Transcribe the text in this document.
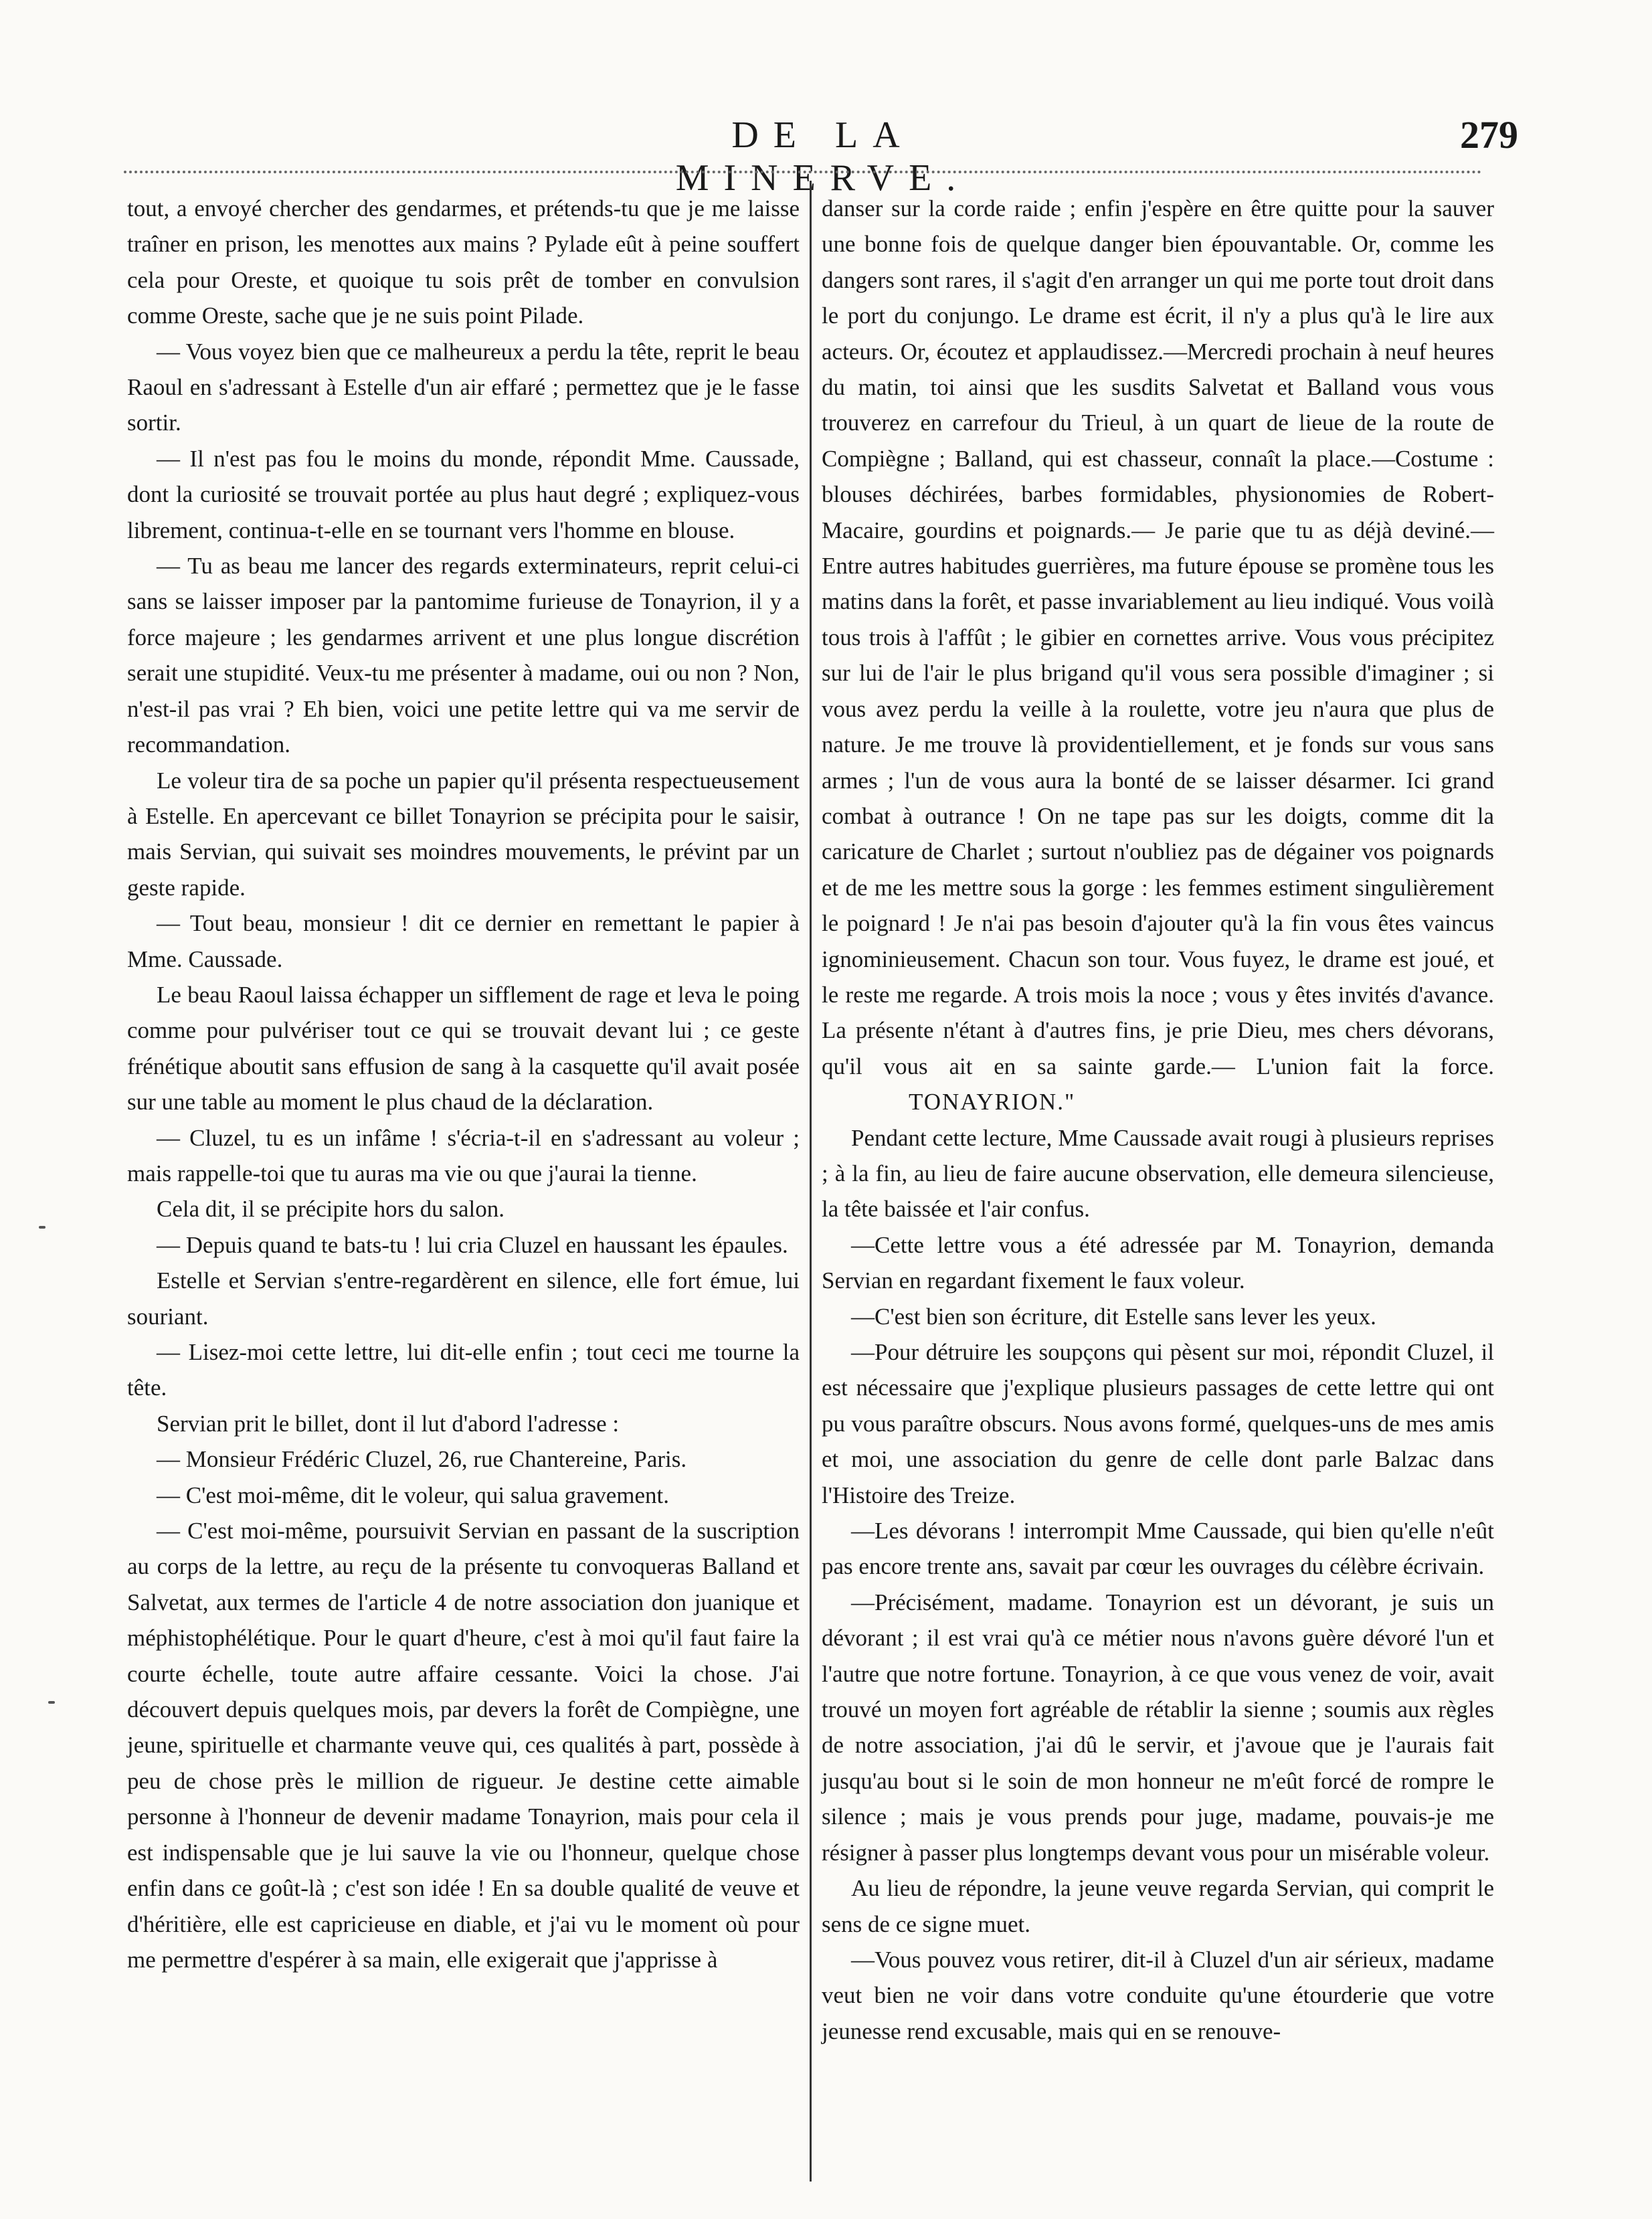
DE LA MINERVE.
279

tout, a envoyé chercher des gendarmes, et prétends-tu que je me laisse traîner en prison, les menottes aux mains ? Pylade eût à peine souffert cela pour Oreste, et quoique tu sois prêt de tomber en convulsion comme Oreste, sache que je ne suis point Pilade.

— Vous voyez bien que ce malheureux a perdu la tête, reprit le beau Raoul en s'adressant à Estelle d'un air effaré ; permettez que je le fasse sortir.

— Il n'est pas fou le moins du monde, répondit Mme. Caussade, dont la curiosité se trouvait portée au plus haut degré ; expliquez-vous librement, continua-t-elle en se tournant vers l'homme en blouse.

— Tu as beau me lancer des regards exterminateurs, reprit celui-ci sans se laisser imposer par la pantomime furieuse de Tonayrion, il y a force majeure ; les gendarmes arrivent et une plus longue discrétion serait une stupidité. Veux-tu me présenter à madame, oui ou non ? Non, n'est-il pas vrai ? Eh bien, voici une petite lettre qui va me servir de recommandation.

Le voleur tira de sa poche un papier qu'il présenta respectueusement à Estelle. En apercevant ce billet Tonayrion se précipita pour le saisir, mais Servian, qui suivait ses moindres mouvements, le prévint par un geste rapide.

— Tout beau, monsieur ! dit ce dernier en remettant le papier à Mme. Caussade.

Le beau Raoul laissa échapper un sifflement de rage et leva le poing comme pour pulvériser tout ce qui se trouvait devant lui ; ce geste frénétique aboutit sans effusion de sang à la casquette qu'il avait posée sur une table au moment le plus chaud de la déclaration.

— Cluzel, tu es un infâme ! s'écria-t-il en s'adressant au voleur ; mais rappelle-toi que tu auras ma vie ou que j'aurai la tienne.

Cela dit, il se précipite hors du salon.

— Depuis quand te bats-tu ! lui cria Cluzel en haussant les épaules.

Estelle et Servian s'entre-regardèrent en silence, elle fort émue, lui souriant.

— Lisez-moi cette lettre, lui dit-elle enfin ; tout ceci me tourne la tête.

Servian prit le billet, dont il lut d'abord l'adresse :

— Monsieur Frédéric Cluzel, 26, rue Chantereine, Paris.

— C'est moi-même, dit le voleur, qui salua gravement.

— C'est moi-même, poursuivit Servian en passant de la suscription au corps de la lettre, au reçu de la présente tu convoqueras Balland et Salvetat, aux termes de l'article 4 de notre association don juanique et méphistophélétique. Pour le quart d'heure, c'est à moi qu'il faut faire la courte échelle, toute autre affaire cessante. Voici la chose. J'ai découvert depuis quelques mois, par devers la forêt de Compiègne, une jeune, spirituelle et charmante veuve qui, ces qualités à part, possède à peu de chose près le million de rigueur. Je destine cette aimable personne à l'honneur de devenir madame Tonayrion, mais pour cela il est indispensable que je lui sauve la vie ou l'honneur, quelque chose enfin dans ce goût-là ; c'est son idée ! En sa double qualité de veuve et d'héritière, elle est capricieuse en diable, et j'ai vu le moment où pour me permettre d'espérer à sa main, elle exigerait que j'apprisse à

danser sur la corde raide ; enfin j'espère en être quitte pour la sauver une bonne fois de quelque danger bien épouvantable. Or, comme les dangers sont rares, il s'agit d'en arranger un qui me porte tout droit dans le port du conjungo. Le drame est écrit, il n'y a plus qu'à le lire aux acteurs. Or, écoutez et applaudissez.—Mercredi prochain à neuf heures du matin, toi ainsi que les susdits Salvetat et Balland vous vous trouverez en carrefour du Trieul, à un quart de lieue de la route de Compiègne ; Balland, qui est chasseur, connaît la place.—Costume : blouses déchirées, barbes formidables, physionomies de Robert-Macaire, gourdins et poignards.— Je parie que tu as déjà deviné.— Entre autres habitudes guerrières, ma future épouse se promène tous les matins dans la forêt, et passe invariablement au lieu indiqué. Vous voilà tous trois à l'affût ; le gibier en cornettes arrive. Vous vous précipitez sur lui de l'air le plus brigand qu'il vous sera possible d'imaginer ; si vous avez perdu la veille à la roulette, votre jeu n'aura que plus de nature. Je me trouve là providentiellement, et je fonds sur vous sans armes ; l'un de vous aura la bonté de se laisser désarmer. Ici grand combat à outrance ! On ne tape pas sur les doigts, comme dit la caricature de Charlet ; surtout n'oubliez pas de dégainer vos poignards et de me les mettre sous la gorge : les femmes estiment singulièrement le poignard ! Je n'ai pas besoin d'ajouter qu'à la fin vous êtes vaincus ignominieusement. Chacun son tour. Vous fuyez, le drame est joué, et le reste me regarde. A trois mois la noce ; vous y êtes invités d'avance. La présente n'étant à d'autres fins, je prie Dieu, mes chers dévorans, qu'il vous ait en sa sainte garde.— L'union fait la force.TONAYRION."

Pendant cette lecture, Mme Caussade avait rougi à plusieurs reprises ; à la fin, au lieu de faire aucune observation, elle demeura silencieuse, la tête baissée et l'air confus.

—Cette lettre vous a été adressée par M. Tonayrion, demanda Servian en regardant fixement le faux voleur.

—C'est bien son écriture, dit Estelle sans lever les yeux.

—Pour détruire les soupçons qui pèsent sur moi, répondit Cluzel, il est nécessaire que j'explique plusieurs passages de cette lettre qui ont pu vous paraître obscurs. Nous avons formé, quelques-uns de mes amis et moi, une association du genre de celle dont parle Balzac dans l'Histoire des Treize.

—Les dévorans ! interrompit Mme Caussade, qui bien qu'elle n'eût pas encore trente ans, savait par cœur les ouvrages du célèbre écrivain.

—Précisément, madame. Tonayrion est un dévorant, je suis un dévorant ; il est vrai qu'à ce métier nous n'avons guère dévoré l'un et l'autre que notre fortune. Tonayrion, à ce que vous venez de voir, avait trouvé un moyen fort agréable de rétablir la sienne ; soumis aux règles de notre association, j'ai dû le servir, et j'avoue que je l'aurais fait jusqu'au bout si le soin de mon honneur ne m'eût forcé de rompre le silence ; mais je vous prends pour juge, madame, pouvais-je me résigner à passer plus longtemps devant vous pour un misérable voleur.

Au lieu de répondre, la jeune veuve regarda Servian, qui comprit le sens de ce signe muet.

—Vous pouvez vous retirer, dit-il à Cluzel d'un air sérieux, madame veut bien ne voir dans votre conduite qu'une étourderie que votre jeunesse rend excusable, mais qui en se renouve-
